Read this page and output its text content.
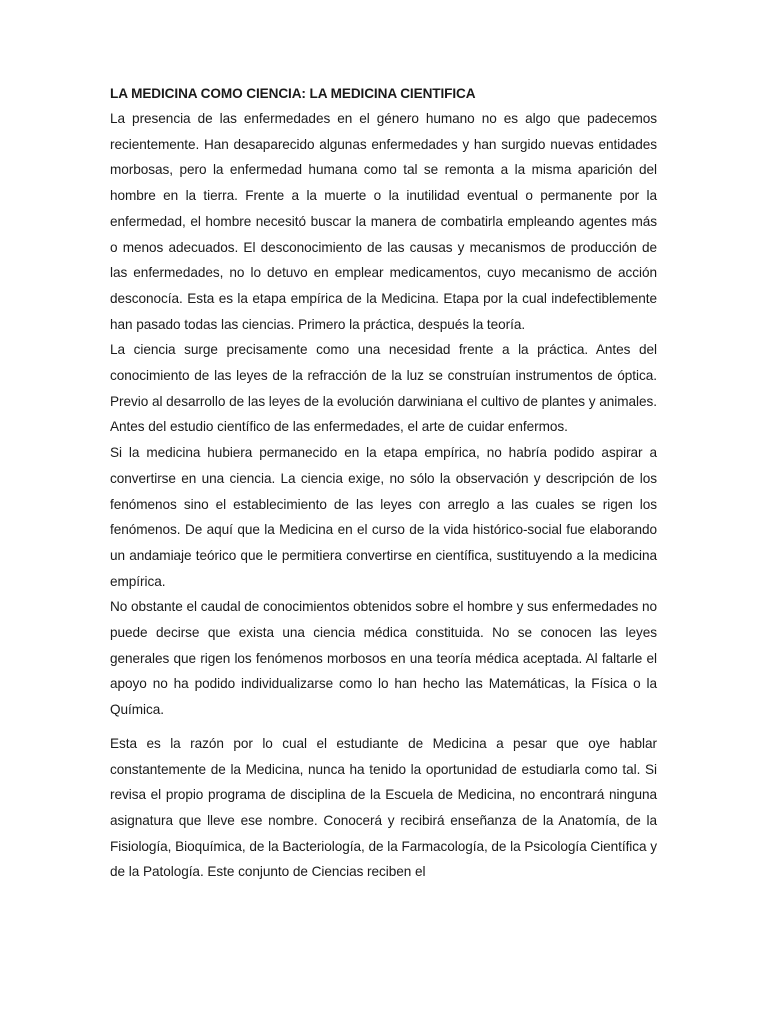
LA MEDICINA COMO CIENCIA: LA MEDICINA CIENTIFICA

La presencia de las enfermedades en el género humano no es algo que padecemos recientemente. Han desaparecido algunas enfermedades y han surgido nuevas entidades morbosas, pero la enfermedad humana como tal se remonta a la misma aparición del hombre en la tierra. Frente a la muerte o la inutilidad eventual o permanente por la enfermedad, el hombre necesitó buscar la manera de combatirla empleando agentes más o menos adecuados. El desconocimiento de las causas y mecanismos de producción de las enfermedades, no lo detuvo en emplear medicamentos, cuyo mecanismo de acción desconocía. Esta es la etapa empírica de la Medicina. Etapa por la cual indefectiblemente han pasado todas las ciencias. Primero la práctica, después la teoría.

La ciencia surge precisamente como una necesidad frente a la práctica. Antes del conocimiento de las leyes de la refracción de la luz se construían instrumentos de óptica. Previo al desarrollo de las leyes de la evolución darwiniana el cultivo de plantes y animales. Antes del estudio científico de las enfermedades, el arte de cuidar enfermos.

Si la medicina hubiera permanecido en la etapa empírica, no habría podido aspirar a convertirse en una ciencia. La ciencia exige, no sólo la observación y descripción de los fenómenos sino el establecimiento de las leyes con arreglo a las cuales se rigen los fenómenos. De aquí que la Medicina en el curso de la vida histórico-social fue elaborando un andamiaje teórico que le permitiera convertirse en científica, sustituyendo a la medicina empírica.

No obstante el caudal de conocimientos obtenidos sobre el hombre y sus enfermedades no puede decirse que exista una ciencia médica constituida. No se conocen las leyes generales que rigen los fenómenos morbosos en una teoría médica aceptada. Al faltarle el apoyo no ha podido individualizarse como lo han hecho las Matemáticas, la Física o la Química.

Esta es la razón por lo cual el estudiante de Medicina a pesar que oye hablar constantemente de la Medicina, nunca ha tenido la oportunidad de estudiarla como tal. Si revisa el propio programa de disciplina de la Escuela de Medicina, no encontrará ninguna asignatura que lleve ese nombre. Conocerá y recibirá enseñanza de la Anatomía, de la Fisiología, Bioquímica, de la Bacteriología, de la Farmacología, de la Psicología Científica y de la Patología. Este conjunto de Ciencias reciben el
